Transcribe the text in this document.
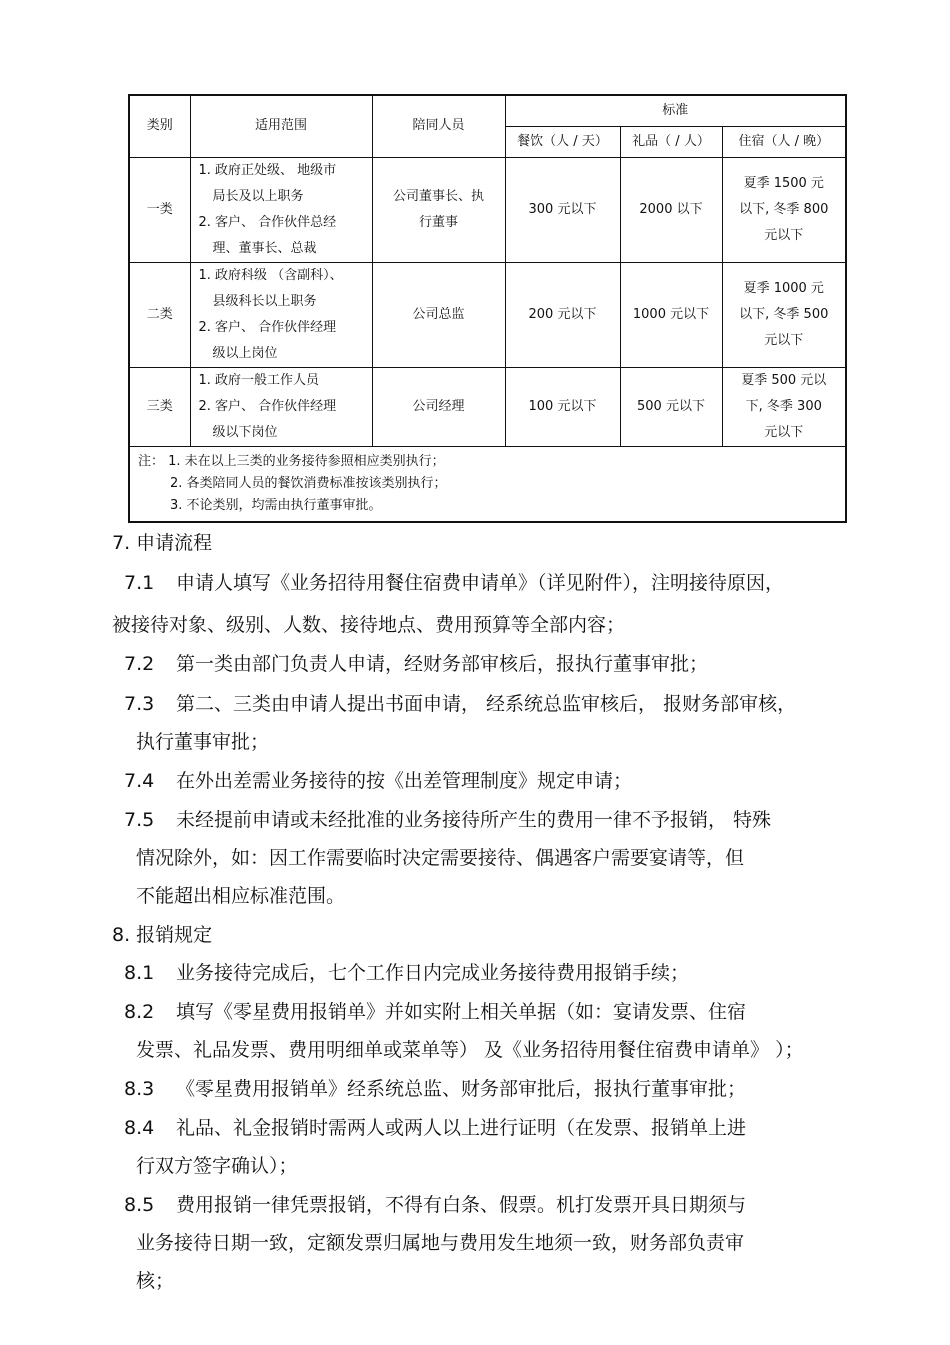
类别	适用范围	陪同人员	标准		
			餐饮（人 / 天）	礼品（ / 人）	住宿（人 / 晚）
一类	1. 政府正处级、 地级市
局长及以上职务
2. 客户、 合作伙伴总经
理、董事长、总裁	公司董事长、执
行董事	300 元以下	2000 以下	夏季 1500 元
以下, 冬季 800
元以下

二类	1. 政府科级 （含副科）、
县级科长以上职务
2. 客户、 合作伙伴经理
级以上岗位	公司总监	200 元以下	1000 元以下	夏季 1000 元
以下, 冬季 500
元以下

三类	1. 政府一般工作人员
2. 客户、 合作伙伴经理
级以下岗位	公司经理	100 元以下	500 元以下	夏季 500 元以
下, 冬季 300
元以下

注： 1. 未在以上三类的业务接待参照相应类别执行；
2. 各类陪同人员的餐饮消费标准按该类别执行；
3. 不论类别，均需由执行董事审批。					
7. 申请流程
7.1 申请人填写《业务招待用餐住宿费申请单》（详见附件），注明接待原因，
被接待对象、级别、人数、接待地点、费用预算等全部内容；
7.2 第一类由部门负责人申请，经财务部审核后，报执行董事审批；
7.3 第二、三类由申请人提出书面申请， 经系统总监审核后， 报财务部审核，
执行董事审批；
7.4 在外出差需业务接待的按《出差管理制度》规定申请；
7.5 未经提前申请或未经批准的业务接待所产生的费用一律不予报销， 特殊
情况除外，如：因工作需要临时决定需要接待、偶遇客户需要宴请等，但
不能超出相应标准范围。
8. 报销规定
8.1 业务接待完成后，七个工作日内完成业务接待费用报销手续；
8.2 填写《零星费用报销单》并如实附上相关单据（如：宴请发票、住宿
发票、礼品发票、费用明细单或菜单等） 及《业务招待用餐住宿费申请单》 ）；
8.3 《零星费用报销单》经系统总监、财务部审批后，报执行董事审批；
8.4 礼品、礼金报销时需两人或两人以上进行证明（在发票、报销单上进
行双方签字确认）；
8.5 费用报销一律凭票报销，不得有白条、假票。机打发票开具日期须与
业务接待日期一致，定额发票归属地与费用发生地须一致，财务部负责审
核；
